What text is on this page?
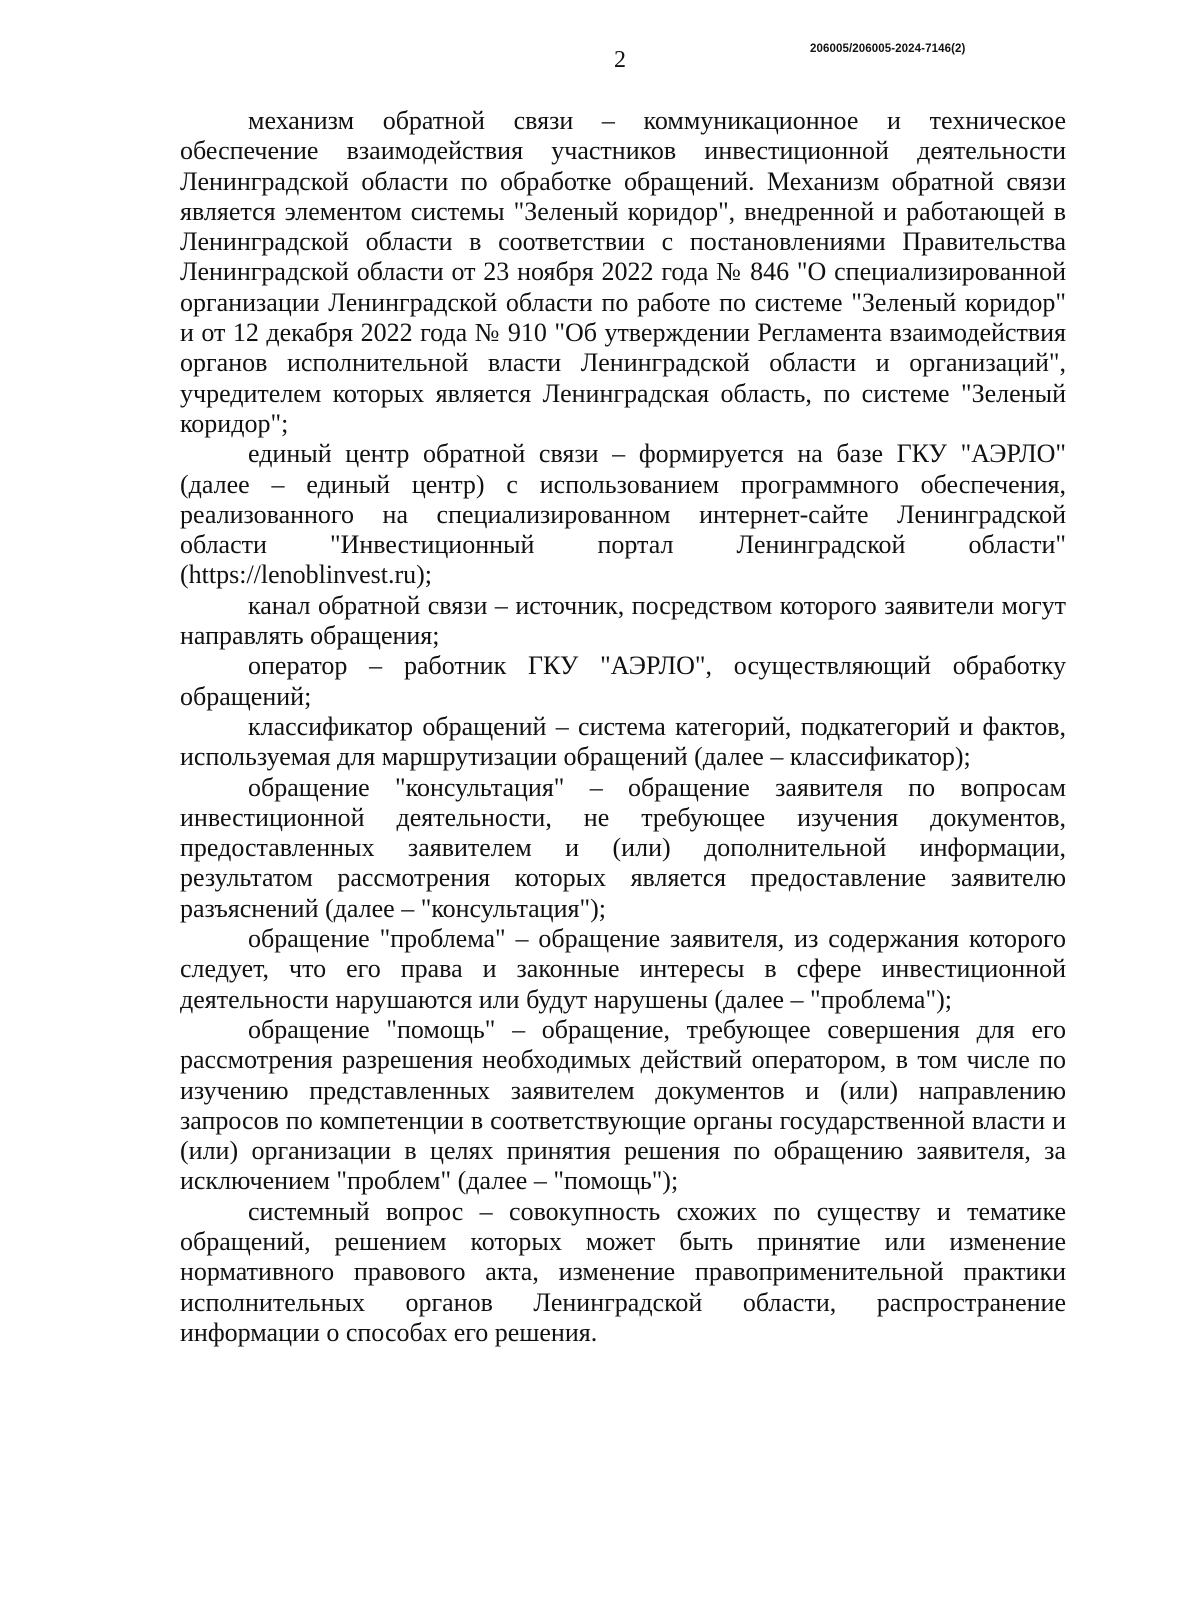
2	206005/206005-2024-7146(2)

механизм обратной связи – коммуникационное и техническое обеспечение взаимодействия участников инвестиционной деятельности Ленинградской области по обработке обращений. Механизм обратной связи является элементом системы "Зеленый коридор", внедренной и работающей в Ленинградской области в соответствии с постановлениями Правительства Ленинградской области от 23 ноября 2022 года № 846 "О специализированной организации Ленинградской области по работе по системе "Зеленый коридор" и от 12 декабря 2022 года № 910 "Об утверждении Регламента взаимодействия органов исполнительной власти Ленинградской области и организаций", учредителем которых является Ленинградская область, по системе "Зеленый коридор";

единый центр обратной связи – формируется на базе ГКУ "АЭРЛО" (далее – единый центр) с использованием программного обеспечения, реализованного на специализированном интернет-сайте Ленинградской области "Инвестиционный портал Ленинградской области" (https://lenoblinvest.ru);

канал обратной связи – источник, посредством которого заявители могут направлять обращения;

оператор – работник ГКУ "АЭРЛО", осуществляющий обработку обращений;

классификатор обращений – система категорий, подкатегорий и фактов, используемая для маршрутизации обращений (далее – классификатор);

обращение "консультация" – обращение заявителя по вопросам инвестиционной деятельности, не требующее изучения документов, предоставленных заявителем и (или) дополнительной информации, результатом рассмотрения которых является предоставление заявителю разъяснений (далее – "консультация");

обращение "проблема" – обращение заявителя, из содержания которого следует, что его права и законные интересы в сфере инвестиционной деятельности нарушаются или будут нарушены (далее – "проблема");

обращение "помощь" – обращение, требующее совершения для его рассмотрения разрешения необходимых действий оператором, в том числе по изучению представленных заявителем документов и (или) направлению запросов по компетенции в соответствующие органы государственной власти и (или) организации в целях принятия решения по обращению заявителя, за исключением "проблем" (далее – "помощь");

системный вопрос – совокупность схожих по существу и тематике обращений, решением которых может быть принятие или изменение нормативного правового акта, изменение правоприменительной практики исполнительных органов Ленинградской области, распространение информации о способах его решения.
